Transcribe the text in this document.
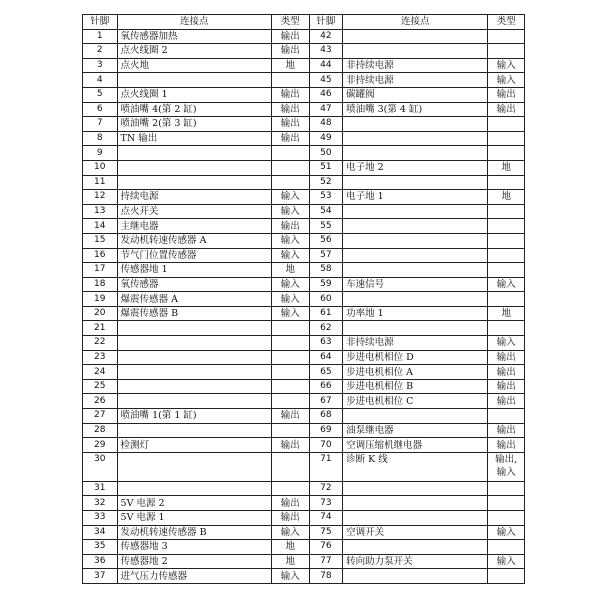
针脚	连接点	类型	针脚	连接点	类型
1	氧传感器加热	输出	42		
2	点火线圈 2	输出	43		
3	点火地	地	44	非持续电源	输入
4			45	非持续电源	输入
5	点火线圈 1	输出	46	碳罐阀	输出
6	喷油嘴 4(第 2 缸)	输出	47	喷油嘴 3(第 4 缸)	输出
7	喷油嘴 2(第 3 缸)	输出	48		
8	TN 输出	输出	49		
9			50		
10			51	电子地 2	地
11			52		
12	持续电源	输入	53	电子地 1	地
13	点火开关	输入	54		
14	主继电器	输出	55		
15	发动机转速传感器 A	输入	56		
16	节气门位置传感器	输入	57		
17	传感器地 1	地	58		
18	氧传感器	输入	59	车速信号	输入
19	爆震传感器 A	输入	60		
20	爆震传感器 B	输入	61	功率地 1	地
21			62		
22			63	非持续电源	输入
23			64	步进电机相位 D	输出
24			65	步进电机相位 A	输出
25			66	步进电机相位 B	输出
26			67	步进电机相位 C	输出
27	喷油嘴 1(第 1 缸)	输出	68		
28			69	油泵继电器	输出
29	检测灯	输出	70	空调压缩机继电器	输出
30			71	诊断 K 线	输出,
输入
31			72		
32	5V 电源 2	输出	73		
33	5V 电源 1	输出	74		
34	发动机转速传感器 B	输入	75	空调开关	输入
35	传感器地 3	地	76		
36	传感器地 2	地	77	转向助力泵开关	输入
37	进气压力传感器	输入	78		
